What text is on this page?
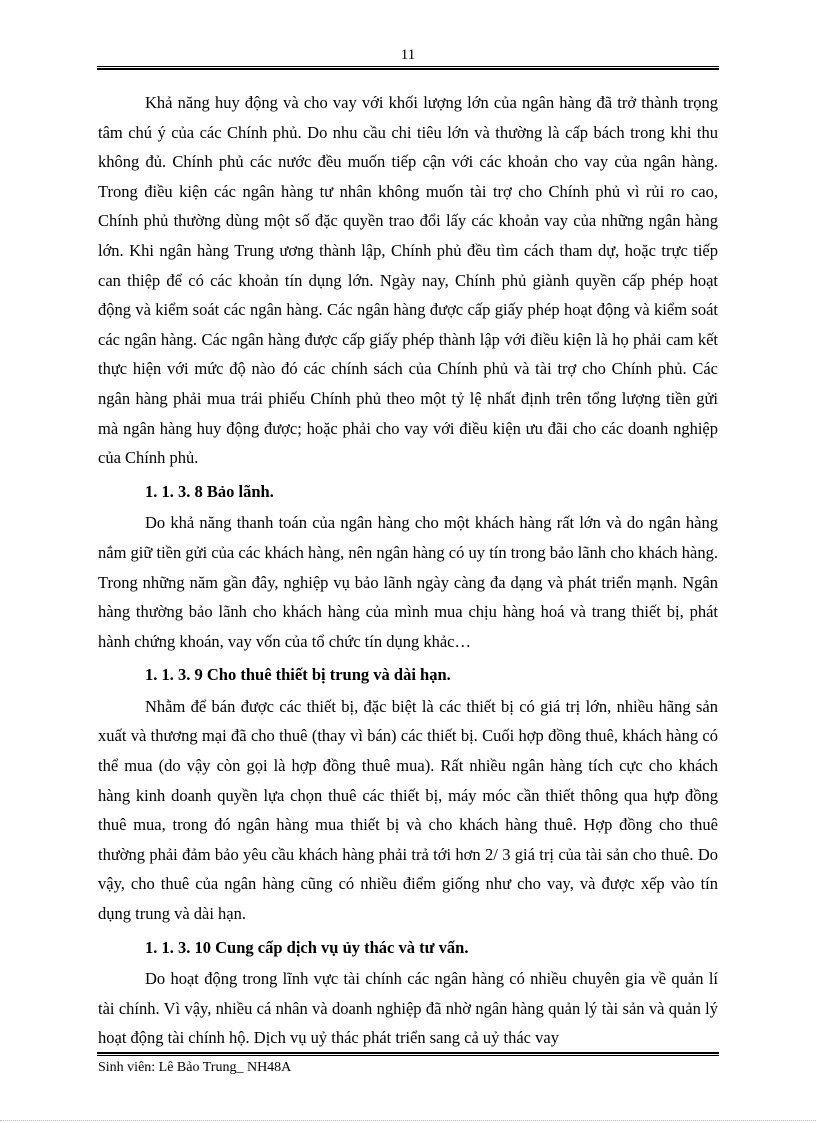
11

Khả năng huy động và cho vay với khối lượng lớn của ngân hàng đã trở thành trọng tâm chú ý của các Chính phủ. Do nhu cầu chi tiêu lớn và thường là cấp bách trong khi thu không đủ. Chính phủ các nước đều muốn tiếp cận với các khoản cho vay của ngân hàng. Trong điều kiện các ngân hàng tư nhân không muốn tài trợ cho Chính phủ vì rủi ro cao, Chính phủ thường dùng một số đặc quyền trao đổi lấy các khoản vay của những ngân hàng lớn. Khi ngân hàng Trung ương thành lập, Chính phủ đều tìm cách tham dự, hoặc trực tiếp can thiệp để có các khoản tín dụng lớn. Ngày nay, Chính phủ giành quyền cấp phép hoạt động và kiểm soát các ngân hàng. Các ngân hàng được cấp giấy phép hoạt động và kiểm soát các ngân hàng. Các ngân hàng được cấp giấy phép thành lập với điều kiện là họ phải cam kết thực hiện với mức độ nào đó các chính sách của Chính phủ và tài trợ cho Chính phủ. Các ngân hàng phải mua trái phiếu Chính phủ theo một tỷ lệ nhất định trên tổng lượng tiền gửi mà ngân hàng huy động được; hoặc phải cho vay với điều kiện ưu đãi cho các doanh nghiệp của Chính phủ.

1. 1. 3. 8 Bảo lãnh.

Do khả năng thanh toán của ngân hàng cho một khách hàng rất lớn và do ngân hàng nắm giữ tiền gửi của các khách hàng, nên ngân hàng có uy tín trong bảo lãnh cho khách hàng. Trong những năm gần đây, nghiệp vụ bảo lãnh ngày càng đa dạng và phát triển mạnh. Ngân hàng thường bảo lãnh cho khách hàng của mình mua chịu hàng hoá và trang thiết bị, phát hành chứng khoán, vay vốn của tổ chức tín dụng khảc…

1. 1. 3. 9 Cho thuê thiết bị trung và dài hạn.

Nhằm để bán được các thiết bị, đặc biệt là các thiết bị có giá trị lớn, nhiều hãng sản xuất và thương mại đã cho thuê (thay vì bán) các thiết bị. Cuối hợp đồng thuê, khách hàng có thể mua (do vậy còn gọi là hợp đồng thuê mua). Rất nhiều ngân hàng tích cực cho khách hàng kinh doanh quyền lựa chọn thuê các thiết bị, máy móc cần thiết thông qua hựp đồng thuê mua, trong đó ngân hàng mua thiết bị và cho khách hàng thuê. Hợp đồng cho thuê thường phải đảm bảo yêu cầu khách hàng phải trả tới hơn 2/ 3 giá trị của tài sản cho thuê. Do vậy, cho thuê của ngân hàng cũng có nhiều điểm giống như cho vay, và được xếp vào tín dụng trung và dài hạn.

1. 1. 3. 10 Cung cấp dịch vụ ủy thác và tư vấn.

Do hoạt động trong lĩnh vực tài chính các ngân hàng có nhiều chuyên gia về quản lí tài chính. Vì vậy, nhiều cá nhân và doanh nghiệp đã nhờ ngân hàng quản lý tài sản và quản lý hoạt động tài chính hộ. Dịch vụ uỷ thác phát triển sang cả uỷ thác vay

Sinh viên: Lê Bảo Trung_ NH48A
